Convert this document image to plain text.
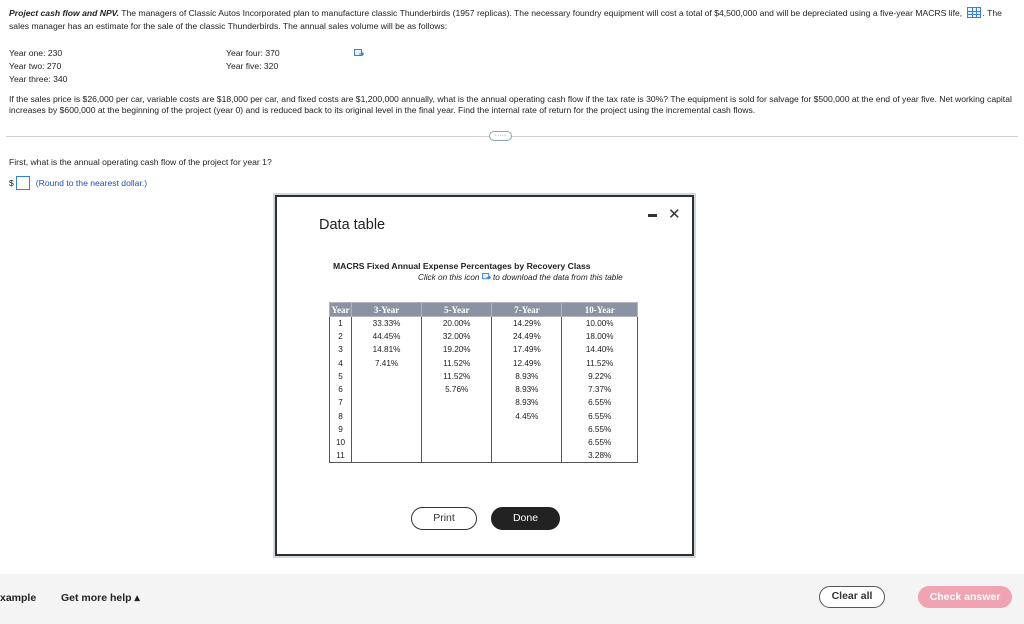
Project cash flow and NPV. The managers of Classic Autos Incorporated plan to manufacture classic Thunderbirds (1957 replicas). The necessary foundry equipment will cost a total of $4,500,000 and will be depreciated using a five-year MACRS life, . The sales manager has an estimate for the sale of the classic Thunderbirds. The annual sales volume will be as follows:
Year one: 230
Year two: 270
Year three: 340
Year four: 370
Year five: 320
If the sales price is $26,000 per car, variable costs are $18,000 per car, and fixed costs are $1,200,000 annually, what is the annual operating cash flow if the tax rate is 30%? The equipment is sold for salvage for $500,000 at the end of year five. Net working capital increases by $600,000 at the beginning of the project (year 0) and is reduced back to its original level in the final year. Find the internal rate of return for the project using the incremental cash flows.
·····
First, what is the annual operating cash flow of the project for year 1?
$	(Round to the nearest dollar.)
Data table
✕
MACRS Fixed Annual Expense Percentages by Recovery Class
Click on this icon to download the data from this table
Year	3-Year	5-Year	7-Year	10-Year
1	33.33%	20.00%	14.29%	10.00%
2	44.45%	32.00%	24.49%	18.00%
3	14.81%	19.20%	17.49%	14.40%
4	7.41%	11.52%	12.49%	11.52%
5		11.52%	8.93%	9.22%
6		5.76%	8.93%	7.37%
7			8.93%	6.55%
8			4.45%	6.55%
9				6.55%
10				6.55%
11				3.28%
Print	Done
xample Get more help ▴	Clear all	Check answer
